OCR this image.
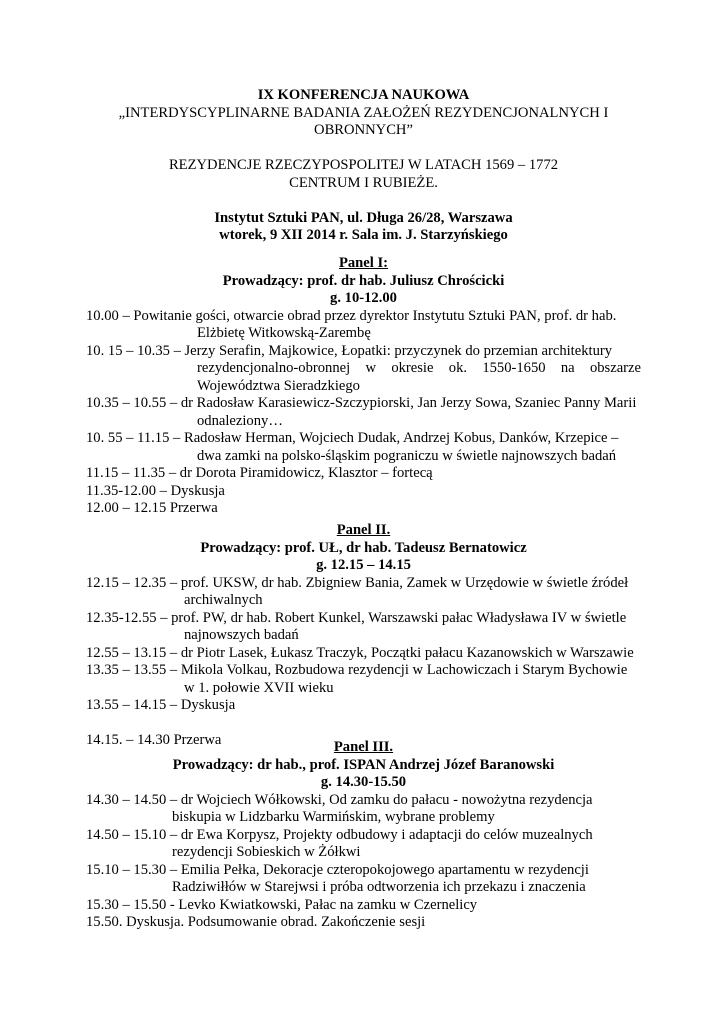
IX KONFERENCJA NAUKOWA

„INTERDYSCYPLINARNE BADANIA ZAŁOŻEŃ REZYDENCJONALNYCH I

OBRONNYCH”

REZYDENCJE RZECZYPOSPOLITEJ W LATACH 1569 – 1772

CENTRUM I RUBIEŻE.

Instytut Sztuki PAN, ul. Długa 26/28, Warszawa

wtorek, 9 XII 2014 r. Sala im. J. Starzyńskiego

Panel I:

Prowadzący: prof. dr hab. Juliusz Chrościcki

g. 10-12.00

10.00 – Powitanie gości, otwarcie obrad przez dyrektor Instytutu Sztuki PAN, prof. dr hab.
Elżbietę Witkowską-Zarembę

10. 15 – 10.35 – Jerzy Serafin, Majkowice, Łopatki: przyczynek do przemian architektury
rezydencjonalno-obronnej w okresie ok. 1550-1650 na obszarze
Województwa Sieradzkiego

10.35 – 10.55 – dr Radosław Karasiewicz-Szczypiorski, Jan Jerzy Sowa, Szaniec Panny Marii
odnaleziony…

10. 55 – 11.15 – Radosław Herman, Wojciech Dudak, Andrzej Kobus, Danków, Krzepice –
dwa zamki na polsko-śląskim pograniczu w świetle najnowszych badań

11.15 – 11.35 – dr Dorota Piramidowicz, Klasztor – fortecą

11.35-12.00 – Dyskusja

12.00 – 12.15 Przerwa

Panel II.

Prowadzący: prof. UŁ, dr hab. Tadeusz Bernatowicz

g. 12.15 – 14.15

12.15 – 12.35 – prof. UKSW, dr hab. Zbigniew Bania, Zamek w Urzędowie w świetle źródeł
archiwalnych

12.35-12.55 – prof. PW, dr hab. Robert Kunkel, Warszawski pałac Władysława IV w świetle
najnowszych badań

12.55 – 13.15 – dr Piotr Lasek, Łukasz Traczyk, Początki pałacu Kazanowskich w Warszawie

13.35 – 13.55 – Mikola Volkau, Rozbudowa rezydencji w Lachowiczach i Starym Bychowie
w 1. połowie XVII wieku

13.55 – 14.15 – Dyskusja

14.15. – 14.30 Przerwa	Panel III.

Prowadzący: dr hab., prof. ISPAN Andrzej Józef Baranowski

g. 14.30-15.50

14.30 – 14.50 – dr Wojciech Wółkowski, Od zamku do pałacu - nowożytna rezydencja
biskupia w Lidzbarku Warmińskim, wybrane problemy

14.50 – 15.10 – dr Ewa Korpysz, Projekty odbudowy i adaptacji do celów muzealnych
rezydencji Sobieskich w Żółkwi

15.10 – 15.30 – Emilia Pełka, Dekoracje czteropokojowego apartamentu w rezydencji
Radziwiłłów w Starejwsi i próba odtworzenia ich przekazu i znaczenia

15.30 – 15.50 - Levko Kwiatkowski, Pałac na zamku w Czernelicy

15.50. Dyskusja. Podsumowanie obrad. Zakończenie sesji
